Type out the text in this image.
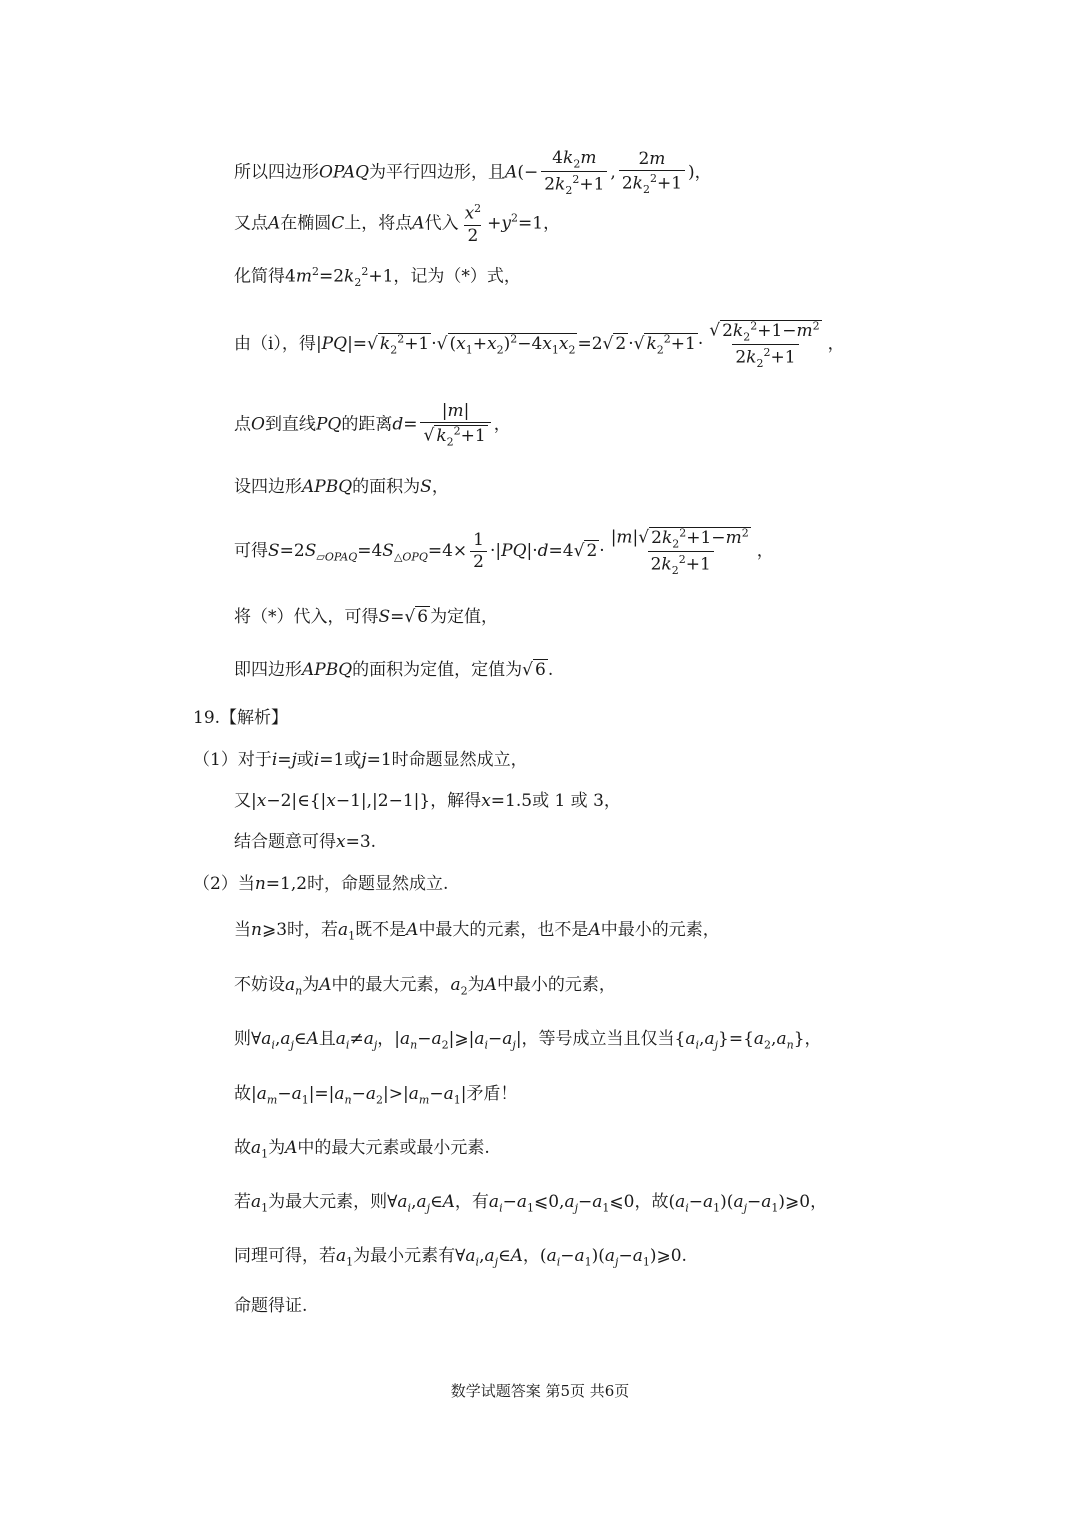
所以四边形OPAQ为平行四边形，且$A(- \frac{4k_2m}{2k_2^2+1}$ , $\frac{2m}{2k_2^2+1}$ )，
又点A在椭圆C上，将点A代入 $\frac{x^2}{2} +y^2=1$，
化简得$4m^2=2k_2^2+1$，记为（*）式，
由（i），得|PQ|=√ $k_2^2+1$ ·√ $(x_1+x_2)^2-4x_1x_2 =2√$ 2 ·√ $k_2^2+1 \cdot \frac{√ 2k_2^2+1-m^2}{2k_2^2+1}$ ，
点O到直线PQ的距离$d= \frac{|m|}{√ k_2^2+1}$ ，
设四边形APBQ的面积为S，
可得$S=2S_{▱OPAQ}=4S_{\triangle OPQ}=4\times \frac{1}{2} \cdot|PQ|\cdot d=4√$ $2 \cdot \frac{|m|√ 2k_2^2+1-m^2}{2k_2^2+1}$ ，
将（*）代入，可得S=√ 6 为定值，
即四边形APBQ的面积为定值，定值为√ 6 .
19.【解析】
（1）对于i=j或i=1或j=1时命题显然成立，
又|x−2|∈{|x−1|,|2−1|}，解得x=1.5或 1 或 3，
结合题意可得x=3.
（2）当n=1,2时，命题显然成立.
当n⩾3时，若$a_1$既不是A中最大的元素，也不是A中最小的元素，
不妨设$a_n$为A中的最大元素，$a_2$为A中最小的元素，
则$\forall a_i,a_j\in A$且$a_i\ne a_j$，$|a_n-a_2|⩾|a_i-a_j|$，等号成立当且仅当$\{a_i,a_j\}=\{a_2,a_n\}$，
故$|a_m-a_1|=|a_n-a_2|>|a_m-a_1|$矛盾！
故$a_1$为A中的最大元素或最小元素.
若$a_1$为最大元素，则$\forall a_i,a_j\in A$，有$a_i-a_1⩽0,a_j-a_1⩽0$，故$(a_i-a_1)(a_j-a_1)⩾0$，
同理可得，若$a_1$为最小元素有$\forall a_i,a_j\in A$，$(a_i-a_1)(a_j-a_1)⩾0$.
命题得证.
数学试题答案 第5页 共6页
